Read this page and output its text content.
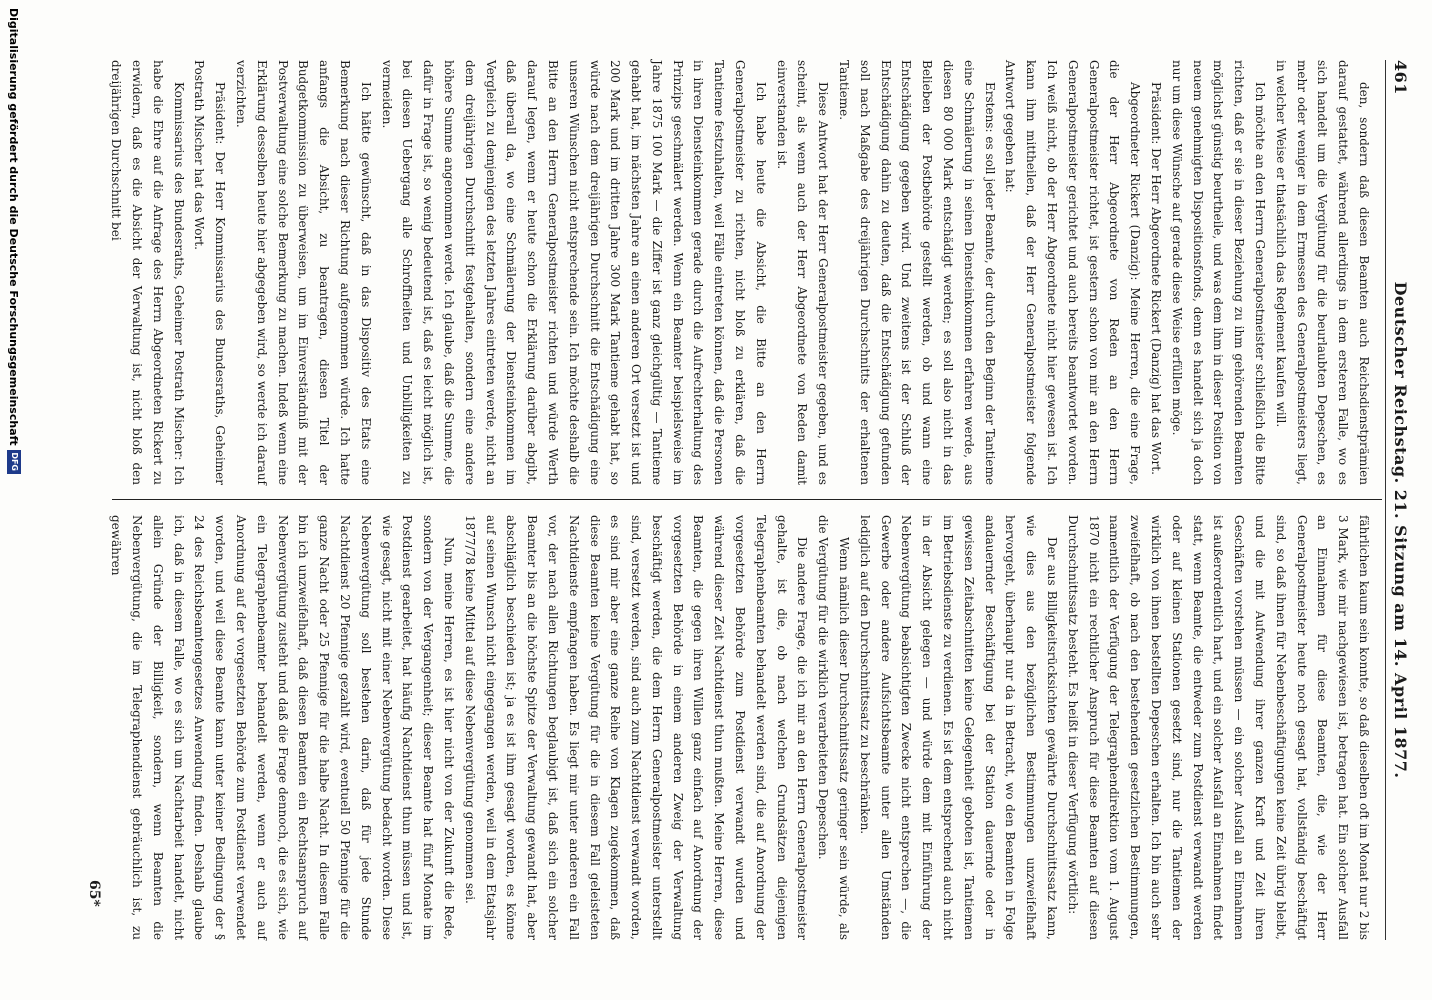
461
Deutscher Reichstag. 21. Sitzung am 14. April 1877.

den, sondern daß diesen Beamten auch Reichsdienstprämien darauf gestattet, während allerdings in dem ersteren Falle, wo es sich handelt um die Vergütung für die beurlaubten Depeschen, es mehr oder weniger in dem Ermessen des Generalpostmeisters liegt, in welcher Weise er thatsächlich das Reglement kaufen will.

Ich möchte an den Herrn Generalpostmeister schließlich die Bitte richten, daß er sie in dieser Beziehung zu ihm gehörenden Beamten möglichst günstig beurtheile, und was dem ihm in dieser Position von neuem genehmigten Dispositionsfonds, denn es handelt sich ja doch nur um diese Wünsche auf gerade diese Weise erfüllen möge.

Präsident: Der Herr Abgeordnete Rickert (Danzig) hat das Wort.

Abgeordneter Rickert (Danzig): Meine Herren, die eine Frage, die der Herr Abgeordnete von Reden an den Herrn Generalpostmeister richtet, ist gestern schon von mir an den Herrn Generalpostmeister gerichtet und auch bereits beantwortet worden. Ich weiß nicht, ob der Herr Abgeordnete nicht hier gewesen ist. Ich kann ihm mittheilen, daß der Herr Generalpostmeister folgende Antwort gegeben hat:

Erstens: es soll jeder Beamte, der durch den Beginn der Tantieme eine Schmälerung in seinen Diensteinkommen erfahren werde, aus diesen 80 000 Mark entschädigt werden; es soll also nicht in das Belieben der Postbehörde gestellt werden, ob und wann eine Entschädigung gegeben wird. Und zweitens ist der Schluß der Entschädigung dahin zu deuten, daß die Entschädigung gefunden soll nach Maßgabe des dreijährigen Durchschnitts der erhaltenen Tantieme.

Diese Antwort hat der Herr Generalpostmeister gegeben, und es scheint, als wenn auch der Herr Abgeordnete von Reden damit einverstanden ist.

Ich habe heute die Absicht, die Bitte an den Herrn Generalpostmeister zu richten, nicht bloß zu erklären, daß die Tantieme festzuhalten, weil Fälle eintreten können, daß die Personen in ihren Diensteinkommen gerade durch die Aufrechterhaltung des Prinzips geschmälert werden. Wenn ein Beamter beispielsweise im Jahre 1875 100 Mark — die Ziffer ist ganz gleichgültig — Tantieme gehabt hat, im nächsten Jahre an einen anderen Ort versetzt ist und 200 Mark und im dritten Jahre 300 Mark Tantieme gehabt hat, so würde nach dem dreijährigen Durchschnitt die Entschädigung eine unseren Wünschen nicht entsprechende sein. Ich möchte deshalb die Bitte an den Herrn Generalpostmeister richten und würde Werth darauf legen, wenn er heute schon die Erklärung darüber abgibt, daß überall da, wo eine Schmälerung der Diensteinkommen im Vergleich zu demjenigen des letzten Jahres eintreten werde, nicht an dem dreijährigen Durchschnitt festgehalten, sondern eine andere höhere Summe angenommen werde. Ich glaube, daß die Summe, die dafür in Frage ist, so wenig bedeutend ist, daß es leicht möglich ist, bei diesen Uebergang alle Schroffheiten und Unbilligkeiten zu vermeiden.

Ich hätte gewünscht, daß in das Dispositiv des Etats eine Bemerkung nach dieser Richtung aufgenommen würde. Ich hatte anfangs die Absicht, zu beantragen, diesen Titel der Budgetkommission zu überweisen, um im Einverständniß mit der Postverwaltung eine solche Bemerkung zu machen. Indeß wenn eine Erklärung desselben heute hier abgegeben wird, so werde ich darauf verzichten.

Präsident: Der Herr Kommissarius des Bundesraths, Geheimer Postrath Mischer hat das Wort.

Kommissarius des Bundesraths, Geheimer Postrath Mischer: Ich habe die Ehre auf die Anfrage des Herrn Abgeordneten Rickert zu erwidern, daß es die Absicht der Verwaltung ist, nicht bloß den dreijährigen Durchschnitt bei

fährlichen kaum sein konnte, so daß dieselben oft im Monat nur 2 bis 3 Mark, wie mir nachgewiesen ist, betragen hat. Ein solcher Ausfall an Einnahmen für diese Beamten, die, wie der Herr Generalpostmeister heute noch gesagt hat, vollständig beschäftigt sind, so daß ihnen für Nebenbeschäftigungen keine Zeit übrig bleibt, und die mit Aufwendung ihrer ganzen Kraft und Zeit ihren Geschäften vorstehen müssen — ein solcher Ausfall an Einnahmen ist außerordentlich hart, und ein solcher Ausfall an Einnahmen findet statt, wenn Beamte, die entweder zum Postdienst verwandt werden oder auf kleinen Stationen gesetzt sind, nur die Tantiemen der wirklich von ihnen bestellten Depeschen erhalten. Ich bin auch sehr zweifelhaft, ob nach den bestehenden gesetzlichen Bestimmungen, namentlich der Verfügung der Telegraphendirektion vom 1. August 1870 nicht ein rechtlicher Anspruch für diese Beamten auf diesen Durchschnittssatz besteht. Es heißt in dieser Verfügung wörtlich:

Der aus Billigkeitsrücksichten gewährte Durchschnittssatz kann, wie dies aus den bezüglichen Bestimmungen unzweifelhaft hervorgeht, überhaupt nur da in Betracht, wo den Beamten in Folge andauernder Beschäftigung bei der Station dauernde oder in gewissen Zeitabschnitten keine Gelegenheit geboten ist, Tantiemen im Betriebsdienste zu verdienen. Es ist dem entsprechend auch nicht in der Absicht gelegen — und würde dem mit Einführung der Nebenvergütung beabsichtigten Zwecke nicht entsprechen —, die Gewerbe oder andere Aufsichtsbeamte unter allen Umständen lediglich auf den Durchschnittssatz zu beschränken.

Wenn nämlich dieser Durchschnittssatz geringer sein würde, als die Vergütung für die wirklich verarbeiteten Depeschen.

Die andere Frage, die ich mir an den Herrn Generalpostmeister gehalte, ist die, ob nach welchen Grundsätzen diejenigen Telegraphenbeamten behandelt werden sind, die auf Anordnung der vorgesetzten Behörde zum Postdienst verwandt wurden und während dieser Zeit Nachtdienst thun mußten. Meine Herren, diese Beamten, die gegen ihren Willen ganz einfach auf Anordnung der vorgesetzten Behörde in einem anderen Zweig der Verwaltung beschäftigt werden, die dem Herrn Generalpostmeister unterstellt sind, versetzt werden, sind auch zum Nachtdienst verwandt worden, es sind mir aber eine ganze Reihe von Klagen zugekommen, daß diese Beamten keine Vergütung für die in diesem Fall geleisteten Nachtdienste empfangen haben. Es liegt mir unter anderen ein Fall vor, der nach allen Richtungen beglaubigt ist, daß sich ein solcher Beamter bis an die höchste Spitze der Verwaltung gewandt hat, aber abschläglich beschieden ist; ja es ist ihm gesagt worden, es könne auf seinen Wunsch nicht eingegangen werden, weil in dem Etatsjahr 1877/78 keine Mittel auf diese Nebenvergütung genommen sei.

Nun, meine Herren, es ist hier nicht von der Zukunft die Rede, sondern von der Vergangenheit; dieser Beamte hat fünf Monate im Postdienst gearbeitet, hat häufig Nachtdienst thun müssen und ist, wie gesagt, nicht mit einer Nebenvergütung bedacht worden. Diese Nebenvergütung soll bestehen darin, daß für jede Stunde Nachtdienst 20 Pfennige gezahlt wird, eventuell 50 Pfennige für die ganze Nacht oder 25 Pfennige für die halbe Nacht. In diesem Falle bin ich unzweifelhaft, daß diesen Beamten ein Rechtsanspruch auf Nebenvergütung zusteht und daß die Frage dennoch, die es sich, wie ein Telegraphenbeamter behandelt werden, wenn er auch auf Anordnung auf der vorgesetzten Behörde zum Postdienst verwendet worden, und weil diese Beamte kann unter keiner Bedingung der § 24 des Reichsbeamtengesetzes Anwendung finden. Deshalb glaube ich, daß in diesem Falle, wo es sich um Nachtarbeit handelt, nicht allein Gründe der Billigkeit, sondern, wenn Beamten die Nebenvergütung, die im Telegraphendienst gebräuchlich ist, zu gewähren

65*
Digitalisierung gefördert durch die Deutsche Forschungsgemeinschaft
DFG
